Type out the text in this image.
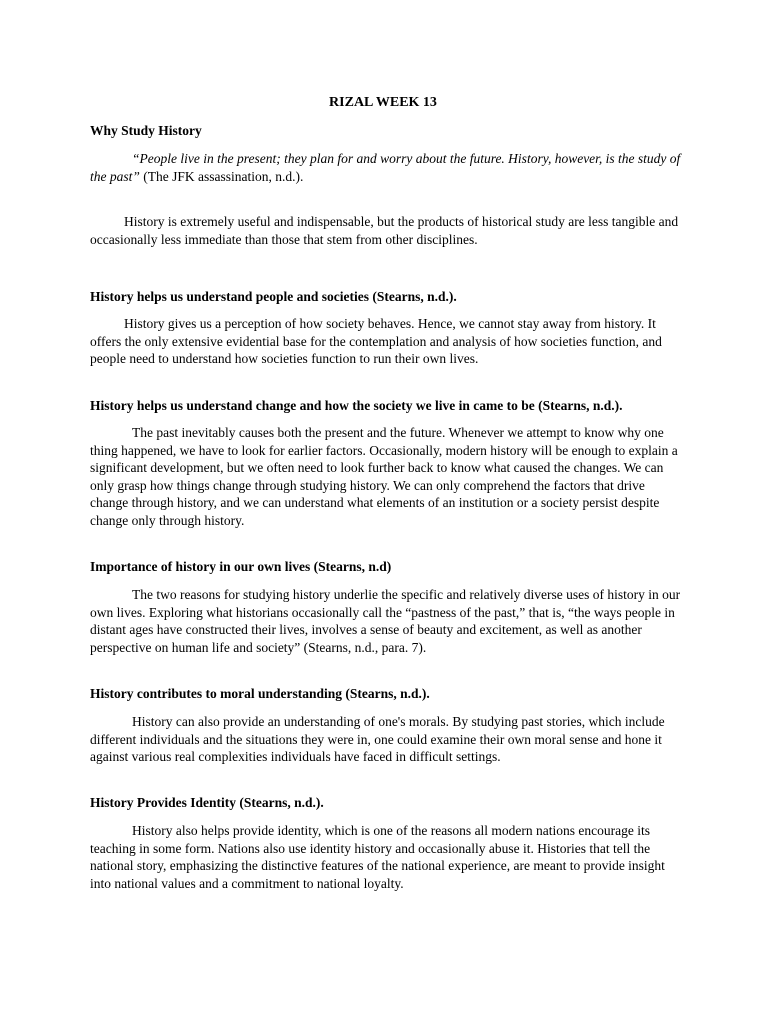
RIZAL WEEK 13

Why Study History

“People live in the present; they plan for and worry about the future. History, however, is the study of the past” (The JFK assassination, n.d.).

History is extremely useful and indispensable, but the products of historical study are less tangible and occasionally less immediate than those that stem from other disciplines.

History helps us understand people and societies (Stearns, n.d.).

History gives us a perception of how society behaves. Hence, we cannot stay away from history. It offers the only extensive evidential base for the contemplation and analysis of how societies function, and people need to understand how societies function to run their own lives.

History helps us understand change and how the society we live in came to be (Stearns, n.d.).

The past inevitably causes both the present and the future. Whenever we attempt to know why one thing happened, we have to look for earlier factors. Occasionally, modern history will be enough to explain a significant development, but we often need to look further back to know what caused the changes. We can only grasp how things change through studying history. We can only comprehend the factors that drive change through history, and we can understand what elements of an institution or a society persist despite change only through history.

Importance of history in our own lives (Stearns, n.d)

The two reasons for studying history underlie the specific and relatively diverse uses of history in our own lives. Exploring what historians occasionally call the “pastness of the past,” that is, “the ways people in distant ages have constructed their lives, involves a sense of beauty and excitement, as well as another perspective on human life and society” (Stearns, n.d., para. 7).

History contributes to moral understanding (Stearns, n.d.).

History can also provide an understanding of one's morals. By studying past stories, which include different individuals and the situations they were in, one could examine their own moral sense and hone it against various real complexities individuals have faced in difficult settings.

History Provides Identity (Stearns, n.d.).

History also helps provide identity, which is one of the reasons all modern nations encourage its teaching in some form. Nations also use identity history and occasionally abuse it. Histories that tell the national story, emphasizing the distinctive features of the national experience, are meant to provide insight into national values and a commitment to national loyalty.
